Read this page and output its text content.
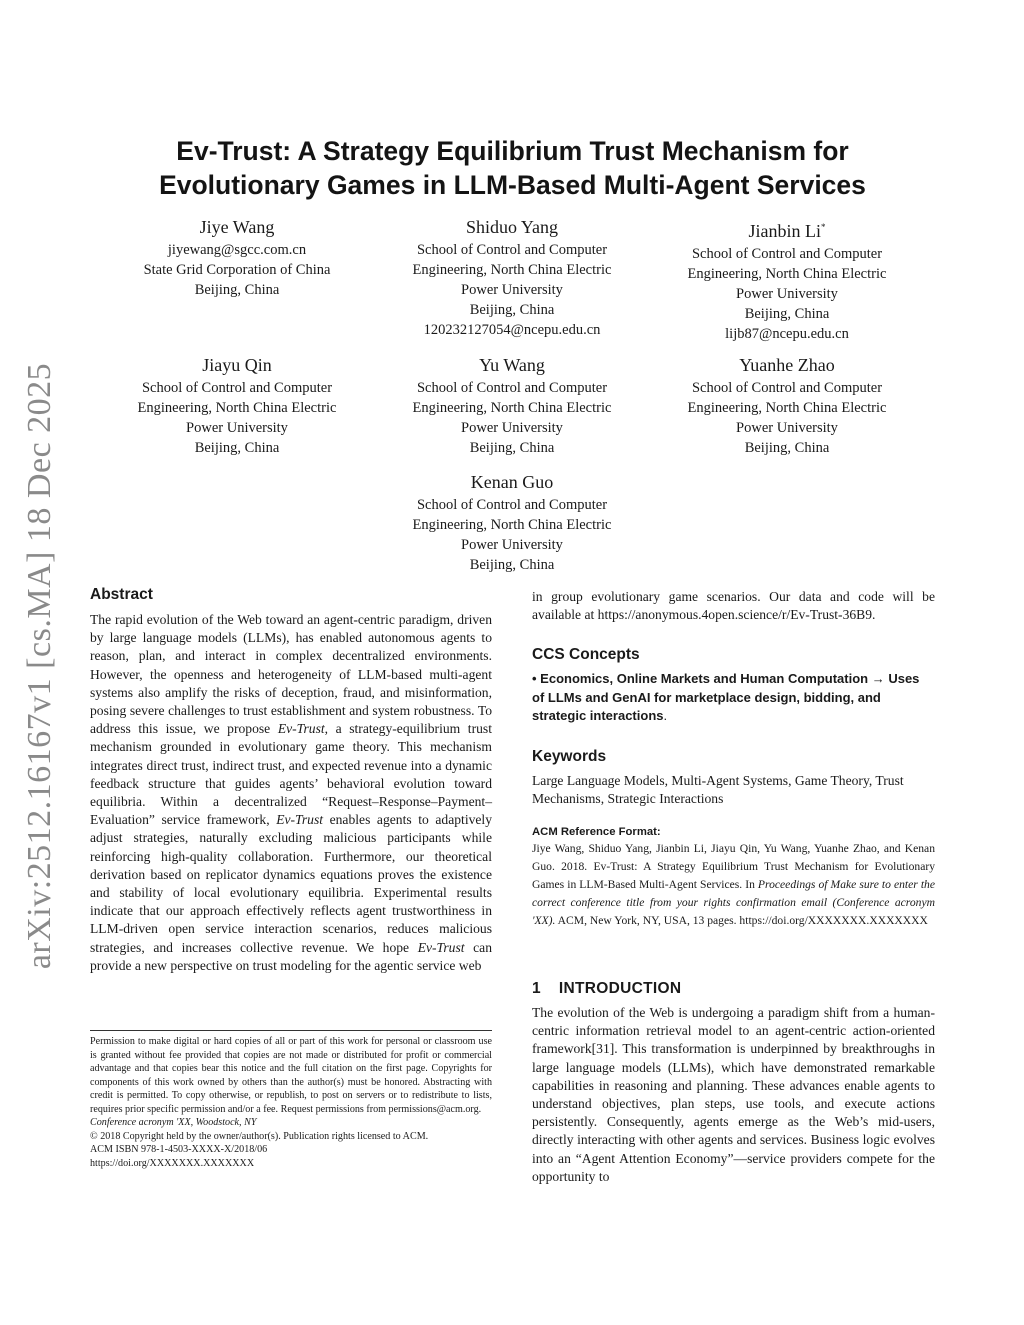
arXiv:2512.16167v1 [cs.MA] 18 Dec 2025
Ev-Trust: A Strategy Equilibrium Trust Mechanism for
Evolutionary Games in LLM-Based Multi-Agent Services
Jiye Wang
jiyewang@sgcc.com.cn
State Grid Corporation of China
Beijing, China
Shiduo Yang
School of Control and Computer
Engineering, North China Electric
Power University
Beijing, China
120232127054@ncepu.edu.cn
Jianbin Li*
School of Control and Computer
Engineering, North China Electric
Power University
Beijing, China
lijb87@ncepu.edu.cn
Jiayu Qin
School of Control and Computer
Engineering, North China Electric
Power University
Beijing, China
Yu Wang
School of Control and Computer
Engineering, North China Electric
Power University
Beijing, China
Yuanhe Zhao
School of Control and Computer
Engineering, North China Electric
Power University
Beijing, China
Kenan Guo
School of Control and Computer
Engineering, North China Electric
Power University
Beijing, China
Abstract

The rapid evolution of the Web toward an agent-centric paradigm, driven by large language models (LLMs), has enabled autonomous agents to reason, plan, and interact in complex decentralized environments. However, the openness and heterogeneity of LLM-based multi-agent systems also amplify the risks of deception, fraud, and misinformation, posing severe challenges to trust establishment and system robustness. To address this issue, we propose Ev-Trust, a strategy-equilibrium trust mechanism grounded in evolutionary game theory. This mechanism integrates direct trust, indirect trust, and expected revenue into a dynamic feedback structure that guides agents’ behavioral evolution toward equilibria. Within a decentralized “Request–Response–Payment–Evaluation” service framework, Ev-Trust enables agents to adaptively adjust strategies, naturally excluding malicious participants while reinforcing high-quality collaboration. Furthermore, our theoretical derivation based on replicator dynamics equations proves the existence and stability of local evolutionary equilibria. Experimental results indicate that our approach effectively reflects agent trustworthiness in LLM-driven open service interaction scenarios, reduces malicious strategies, and increases collective revenue. We hope Ev-Trust can provide a new perspective on trust modeling for the agentic service web

Permission to make digital or hard copies of all or part of this work for personal or classroom use is granted without fee provided that copies are not made or distributed for profit or commercial advantage and that copies bear this notice and the full citation on the first page. Copyrights for components of this work owned by others than the author(s) must be honored. Abstracting with credit is permitted. To copy otherwise, or republish, to post on servers or to redistribute to lists, requires prior specific permission and/or a fee. Request permissions from permissions@acm.org.

Conference acronym 'XX, Woodstock, NY

© 2018 Copyright held by the owner/author(s). Publication rights licensed to ACM.

ACM ISBN 978-1-4503-XXXX-X/2018/06

https://doi.org/XXXXXXX.XXXXXXX

in group evolutionary game scenarios. Our data and code will be available at https://anonymous.4open.science/r/Ev-Trust-36B9.

CCS Concepts

• Economics, Online Markets and Human Computation → Uses of LLMs and GenAI for marketplace design, bidding, and strategic interactions.

Keywords

Large Language Models, Multi-Agent Systems, Game Theory, Trust Mechanisms, Strategic Interactions

ACM Reference Format:

Jiye Wang, Shiduo Yang, Jianbin Li, Jiayu Qin, Yu Wang, Yuanhe Zhao, and Kenan Guo. 2018. Ev-Trust: A Strategy Equilibrium Trust Mechanism for Evolutionary Games in LLM-Based Multi-Agent Services. In Proceedings of Make sure to enter the correct conference title from your rights confirmation email (Conference acronym 'XX). ACM, New York, NY, USA, 13 pages. https://doi.org/XXXXXXX.XXXXXXX

1 INTRODUCTION

The evolution of the Web is undergoing a paradigm shift from a human-centric information retrieval model to an agent-centric action-oriented framework[31]. This transformation is underpinned by breakthroughs in large language models (LLMs), which have demonstrated remarkable capabilities in reasoning and planning. These advances enable agents to understand objectives, plan steps, use tools, and execute actions persistently. Consequently, agents emerge as the Web’s mid-users, directly interacting with other agents and services. Business logic evolves into an “Agent Attention Economy”—service providers compete for the opportunity to
